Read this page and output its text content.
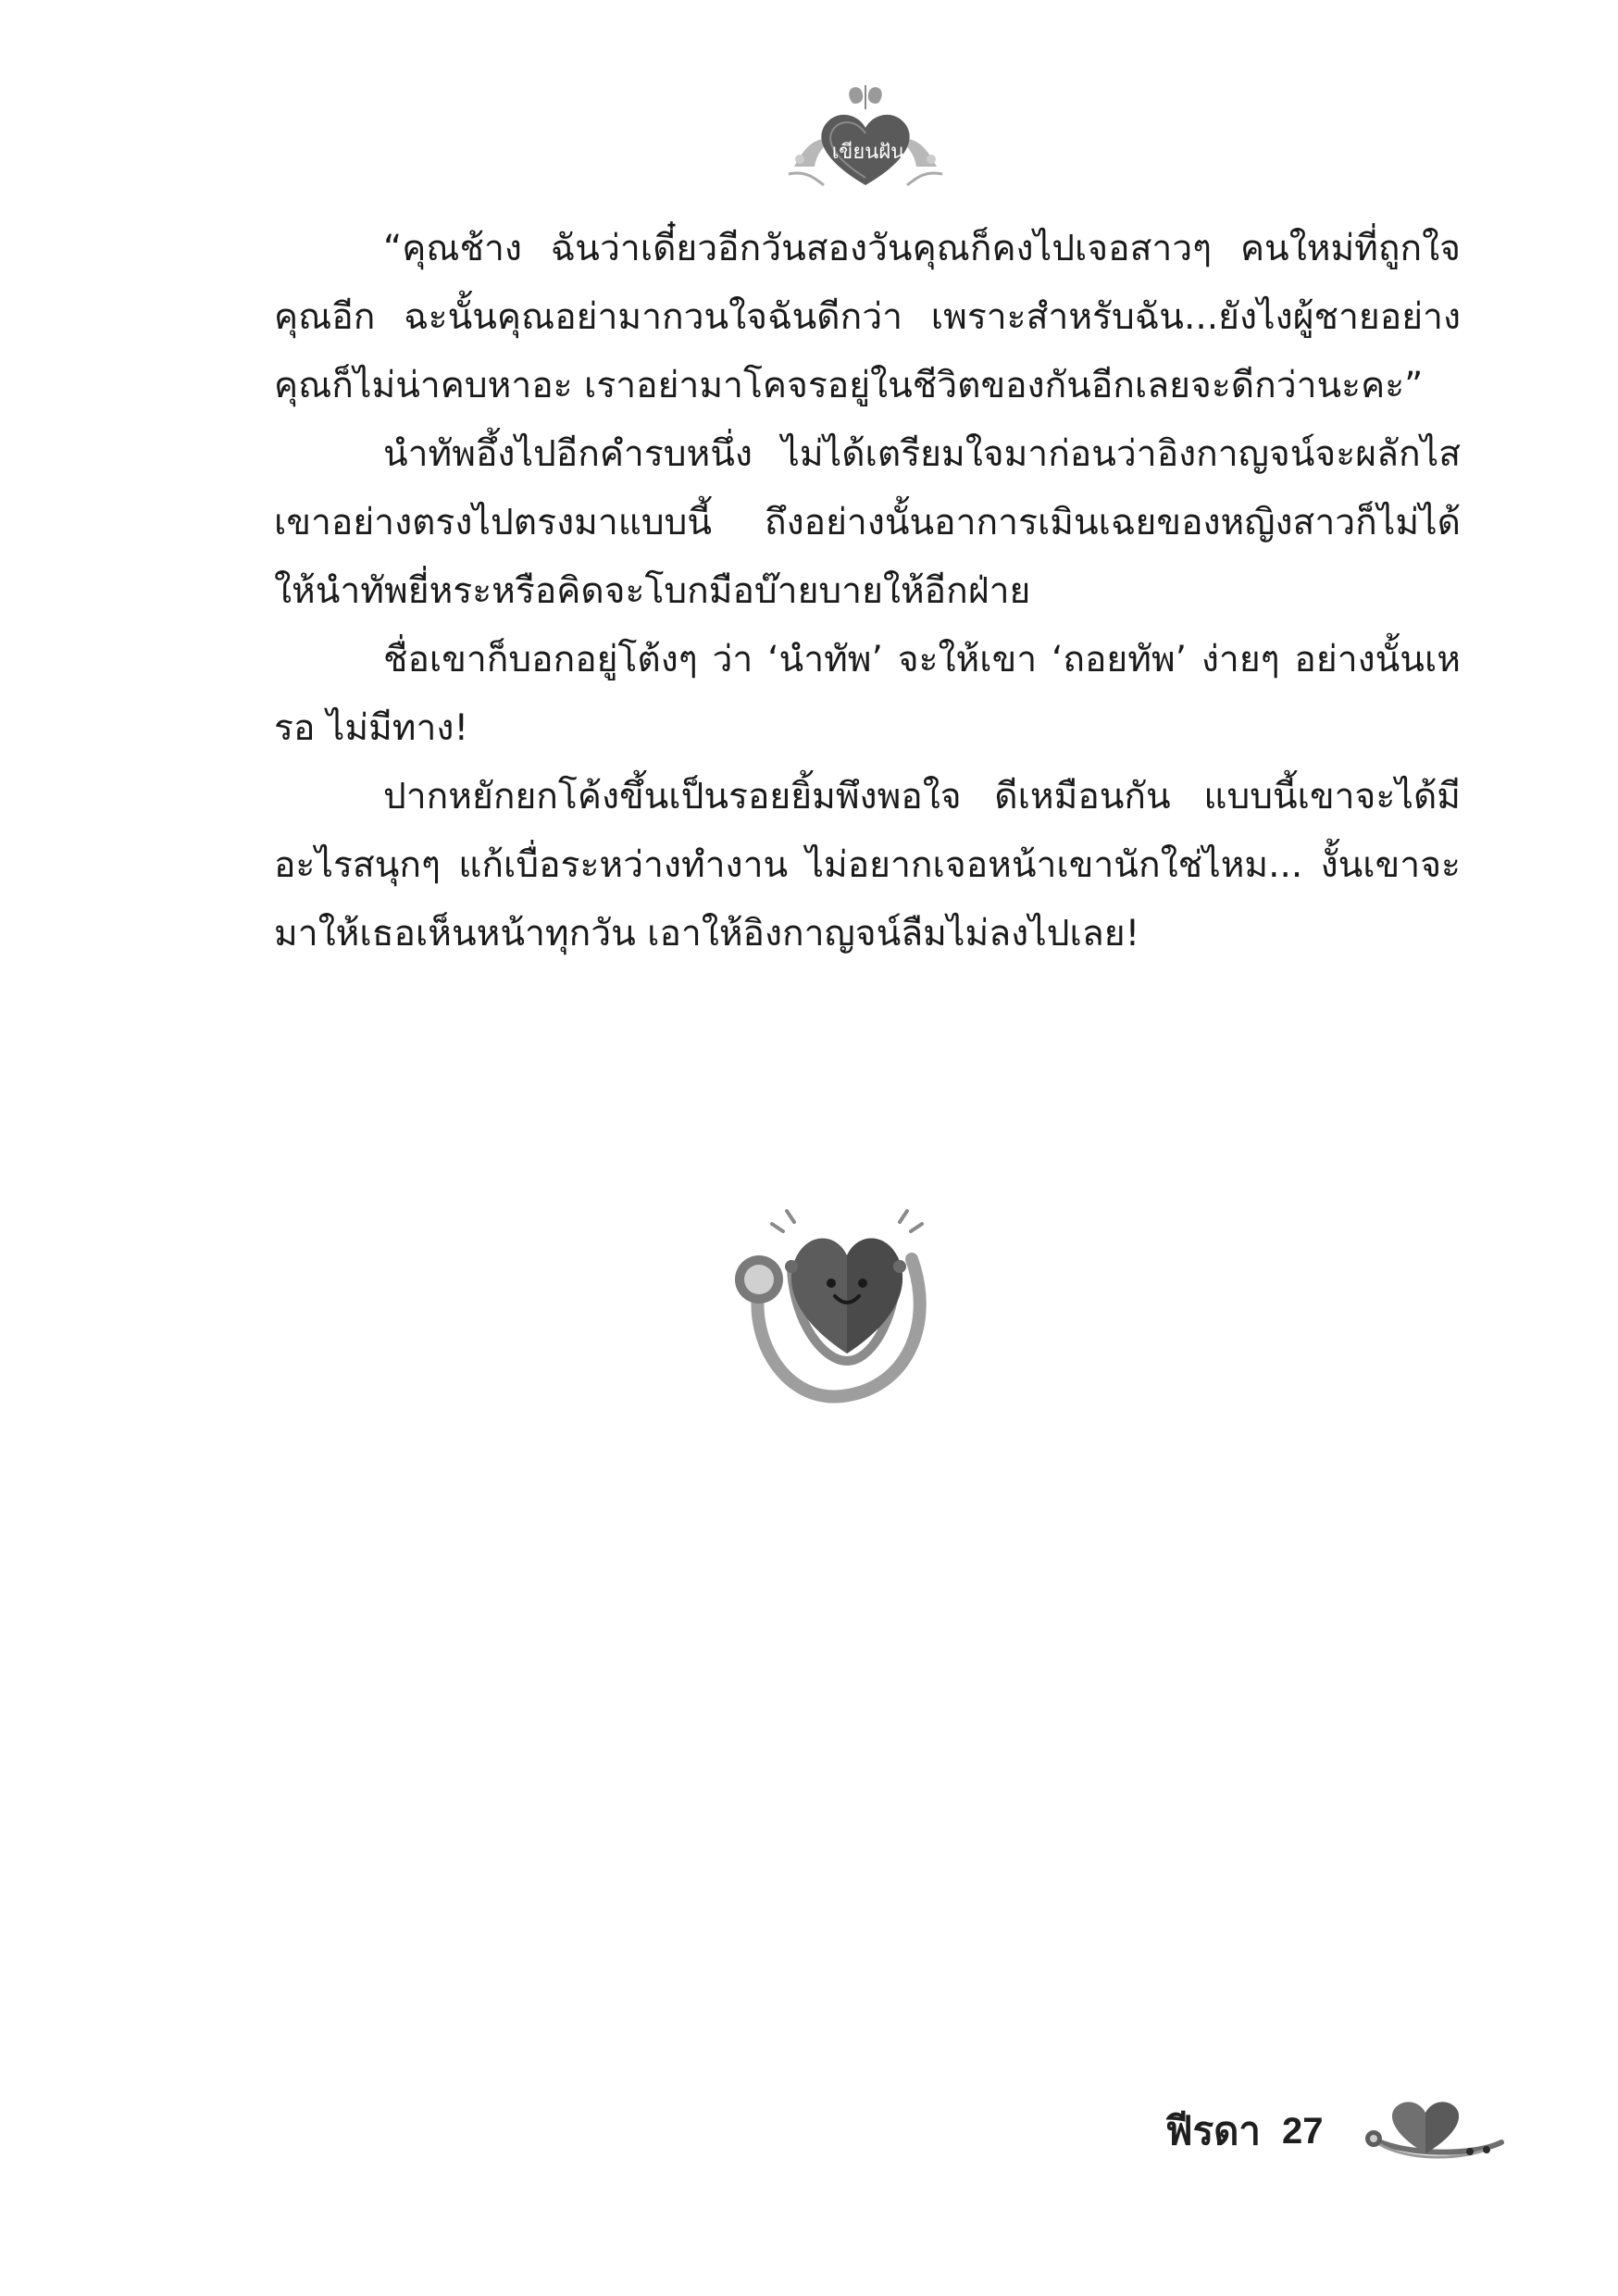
เขียนฝัน

“คุณช้าง ฉันว่าเดี๋ยวอีกวันสองวันคุณก็คงไปเจอสาวๆ คนใหม่ที่ถูกใจคุณอีก ฉะนั้นคุณอย่ามากวนใจฉันดีกว่า เพราะสำหรับฉัน...ยังไงผู้ชายอย่างคุณก็ไม่น่าคบหาอะ เราอย่ามาโคจรอยู่ในชีวิตของกันอีกเลยจะดีกว่านะคะ”

นำทัพอึ้งไปอีกคำรบหนึ่ง ไม่ได้เตรียมใจมาก่อนว่าอิงกาญจน์จะผลักไสเขาอย่างตรงไปตรงมาแบบนี้ ถึงอย่างนั้นอาการเมินเฉยของหญิงสาวก็ไม่ได้ให้นำทัพยี่หระหรือคิดจะโบกมือบ๊ายบายให้อีกฝ่าย

ชื่อเขาก็บอกอยู่โต้งๆ ว่า ‘นำทัพ’ จะให้เขา ‘ถอยทัพ’ ง่ายๆ อย่างนั้นเหรอ ไม่มีทาง!

ปากหยักยกโค้งขึ้นเป็นรอยยิ้มพึงพอใจ ดีเหมือนกัน แบบนี้เขาจะได้มีอะไรสนุกๆ แก้เบื่อระหว่างทำงาน ไม่อยากเจอหน้าเขานักใช่ไหม... งั้นเขาจะมาให้เธอเห็นหน้าทุกวัน เอาให้อิงกาญจน์ลืมไม่ลงไปเลย!

ฟีรดา 27
